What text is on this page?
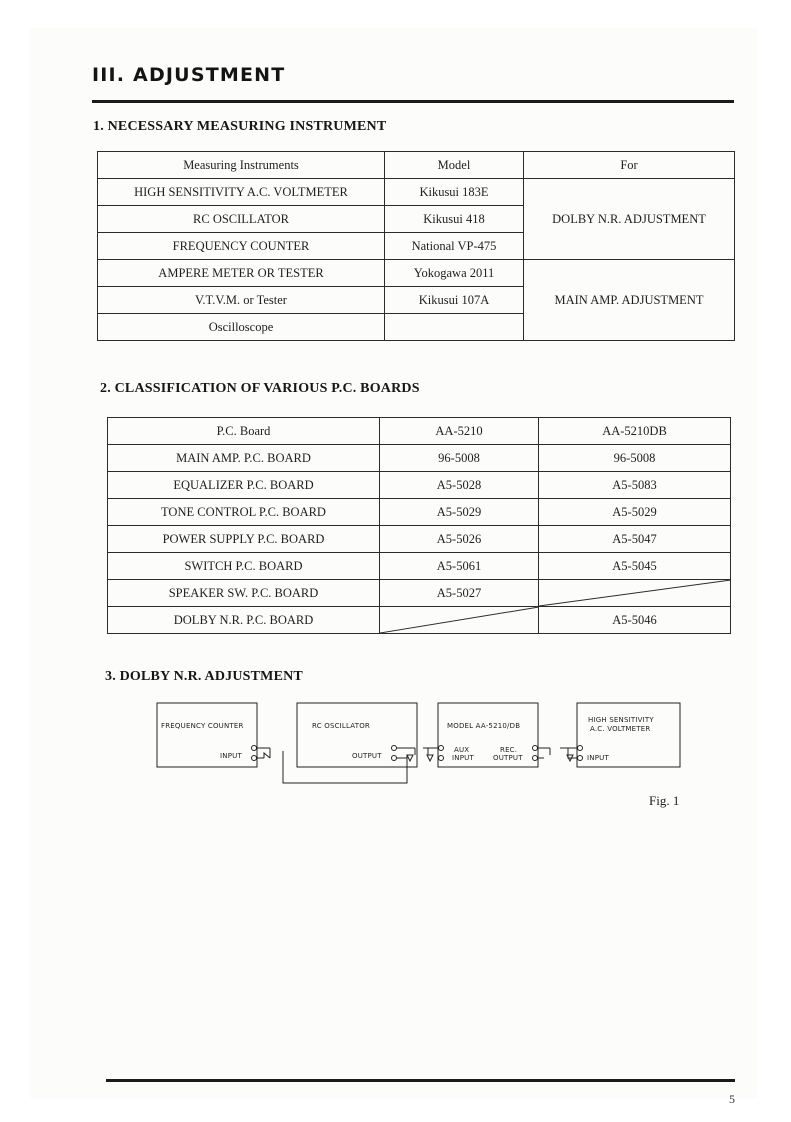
III. ADJUSTMENT
1. NECESSARY MEASURING INSTRUMENT
Measuring Instruments	Model	For
HIGH SENSITIVITY A.C. VOLTMETER	Kikusui 183E	DOLBY N.R. ADJUSTMENT
RC OSCILLATOR	Kikusui 418	
FREQUENCY COUNTER	National VP-475	
AMPERE METER OR TESTER	Yokogawa 2011	MAIN AMP. ADJUSTMENT
V.T.V.M. or Tester	Kikusui 107A	
Oscilloscope		
2. CLASSIFICATION OF VARIOUS P.C. BOARDS
P.C. Board	AA-5210	AA-5210DB
MAIN AMP. P.C. BOARD	96-5008	96-5008
EQUALIZER P.C. BOARD	A5-5028	A5-5083
TONE CONTROL P.C. BOARD	A5-5029	A5-5029
POWER SUPPLY P.C. BOARD	A5-5026	A5-5047
SWITCH P.C. BOARD	A5-5061	A5-5045
SPEAKER SW. P.C. BOARD	A5-5027	

DOLBY N.R. P.C. BOARD		A5-5046
3. DOLBY N.R. ADJUSTMENT
FREQUENCY COUNTER
INPUT
RC OSCILLATOR
OUTPUT
MODEL AA-5210/DB
AUX
INPUT
REC.
OUTPUT
HIGH SENSITIVITY
A.C. VOLTMETER
INPUT
Fig. 1
5
